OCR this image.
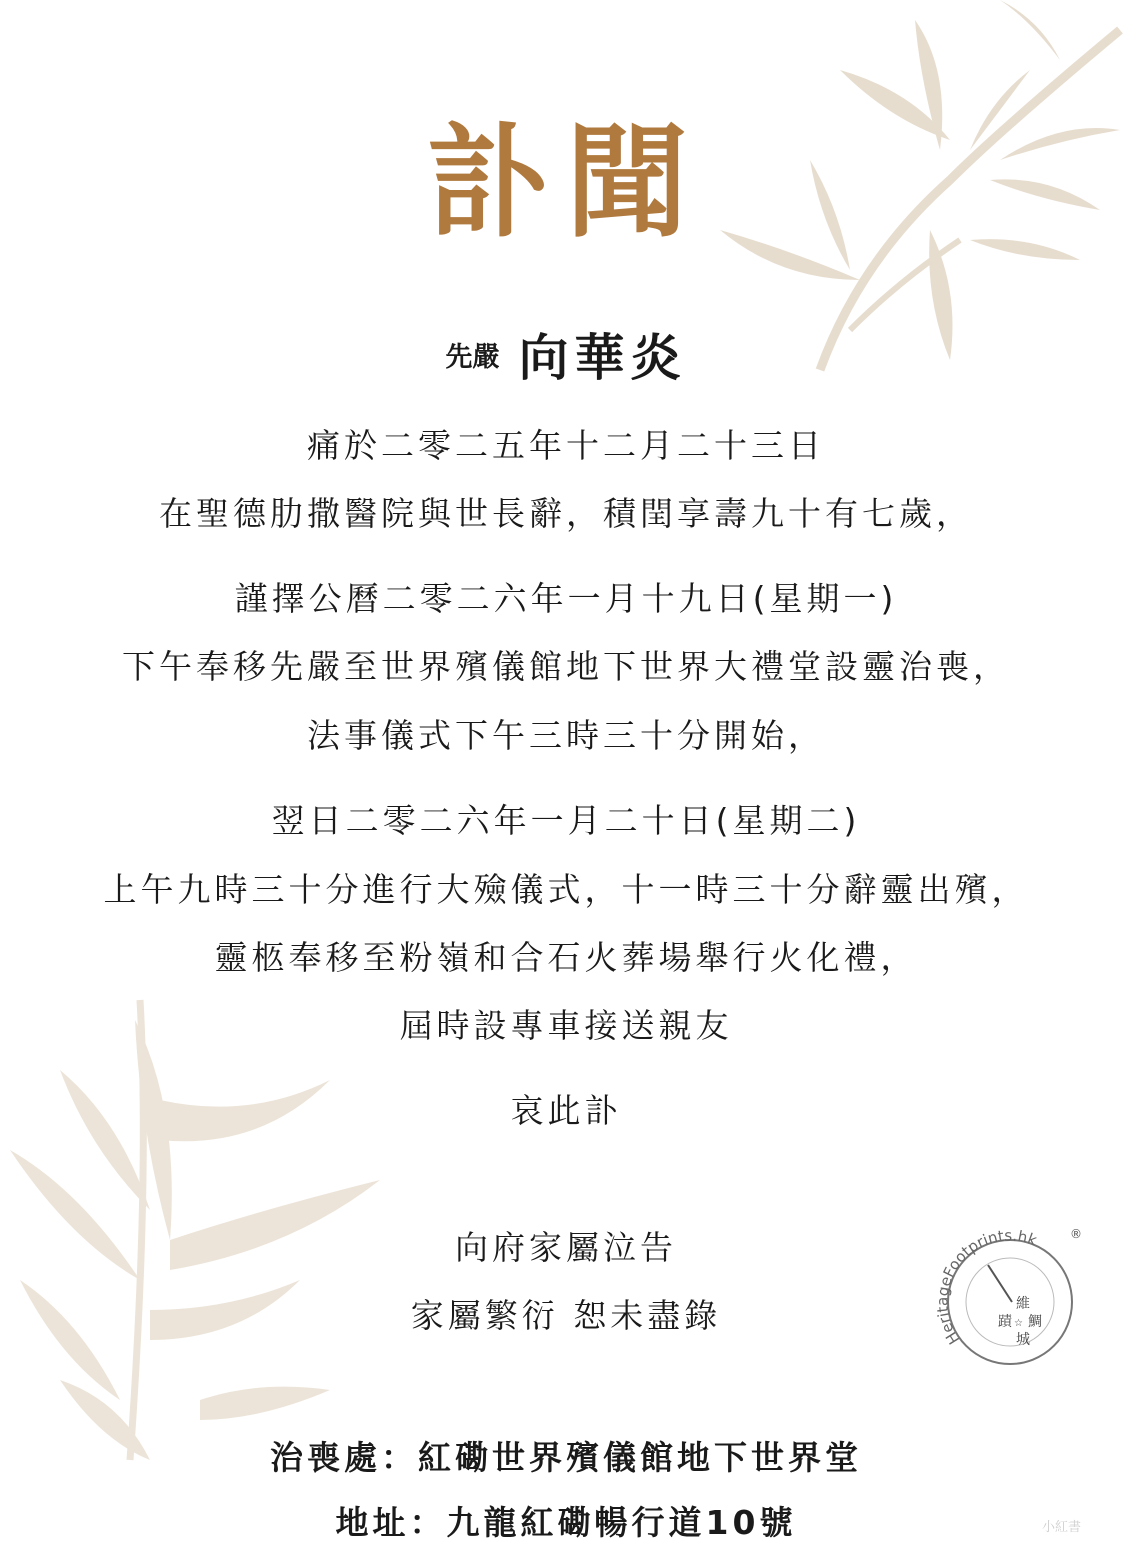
訃聞
先嚴 向華炎
痛於二零二五年十二月二十三日
在聖德肋撒醫院與世長辭，積閏享壽九十有七歲，
謹擇公曆二零二六年一月十九日(星期一)
下午奉移先嚴至世界殯儀館地下世界大禮堂設靈治喪，
法事儀式下午三時三十分開始，
翌日二零二六年一月二十日(星期二)
上午九時三十分進行大殮儀式，十一時三十分辭靈出殯，
靈柩奉移至粉嶺和合石火葬場舉行火化禮，
屆時設專車接送親友
哀此訃
向府家屬泣告
家屬繁衍 恕未盡錄
治喪處：紅磡世界殯儀館地下世界堂
地址：九龍紅磡暢行道10號
HeritageFootprints.hk	®
維
蹟 ☆ 鯛
城
小紅書
